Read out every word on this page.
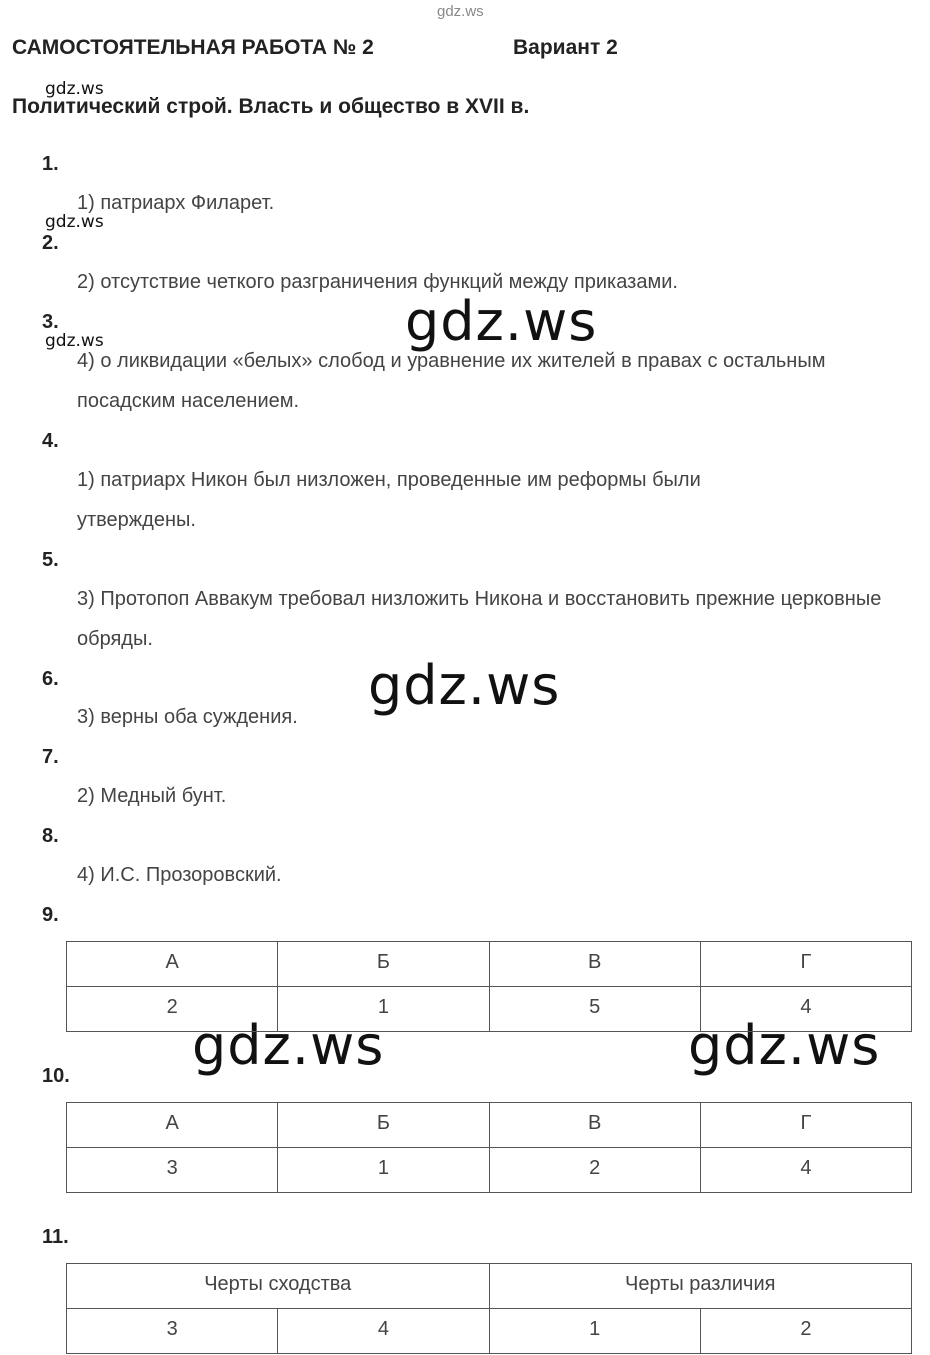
gdz.ws
gdz.ws
gdz.ws
gdz.ws	gdz.ws
gdz.ws
gdz.ws	gdz.ws
САМОСТОЯТЕЛЬНАЯ РАБОТА № 2	Вариант 2
Политический строй. Власть и общество в XVII в.
1.
1) патриарх Филарет.
2.
2) отсутствие четкого разграничения функций между приказами.
3.
4) о ликвидации «белых» слобод и уравнение их жителей в правах с остальным посадским населением.
4.
1) патриарх Никон был низложен, проведенные им реформы были утверждены.
5.
3) Протопоп Аввакум требовал низложить Никона и восстановить прежние церковные обряды.
6.
3) верны оба суждения.
7.
2) Медный бунт.
8.
4) И.С. Прозоровский.
9.
А	Б	В	Г
2	1	5	4
10.
А	Б	В	Г
3	1	2	4
11.
Черты сходства		Черты различия	
3	4	1	2
